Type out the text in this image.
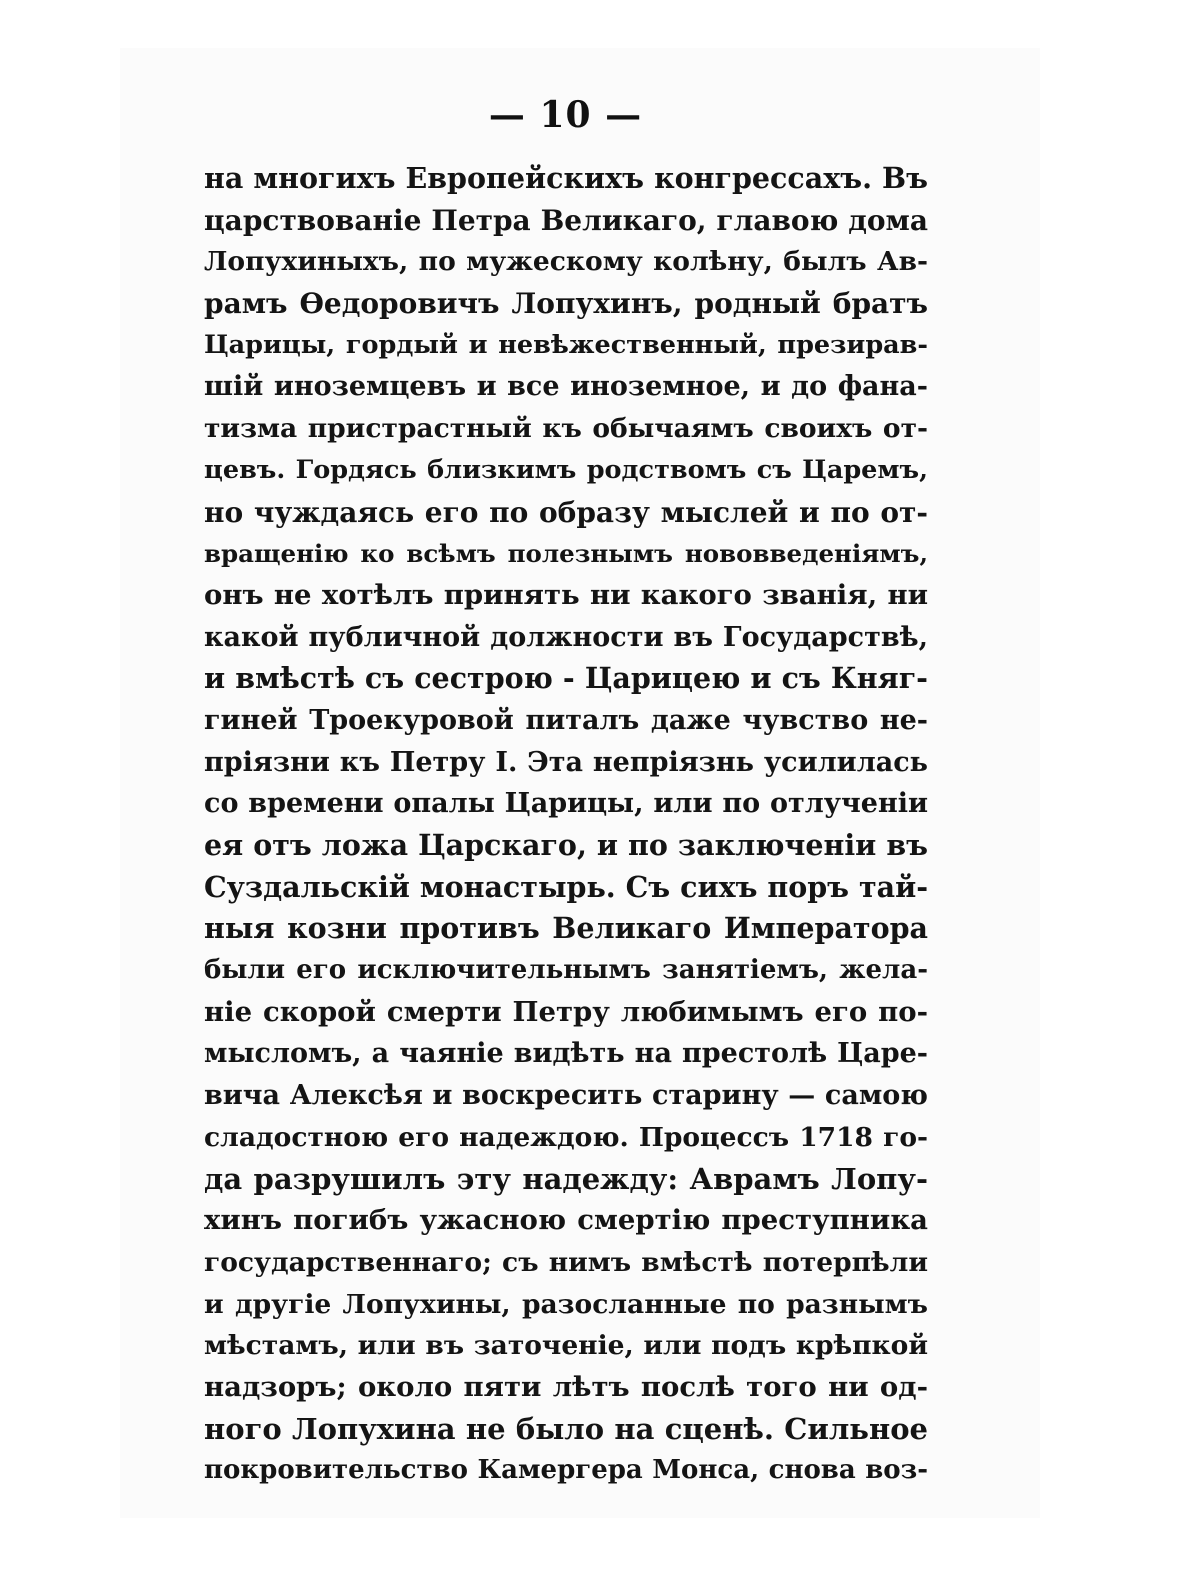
— 10 —
на многихъ Европейскихъ конгрессахъ. Въ
царствованіе Петра Великаго, главою дома
Лопухиныхъ, по мужескому колѣну, былъ Ав-
рамъ Ѳедоровичъ Лопухинъ, родный братъ
Царицы, гордый и невѣжественный, презирав-
шій иноземцевъ и все иноземное, и до фана-
тизма пристрастный къ обычаямъ своихъ от-
цевъ. Гордясь близкимъ родствомъ съ Царемъ,
но чуждаясь его по образу мыслей и по от-
вращенію ко всѣмъ полезнымъ нововведеніямъ,
онъ не хотѣлъ принять ни какого званія, ни
какой публичной должности въ Государствѣ,
и вмѣстѣ съ сестрою - Царицею и съ Княг-
гиней Троекуровой питалъ даже чувство не-
пріязни къ Петру I. Эта непріязнь усилилась
со времени опалы Царицы, или по отлученіи
ея отъ ложа Царскаго, и по заключеніи въ
Суздальскій монастырь. Съ сихъ поръ тай-
ныя козни противъ Великаго Императора
были его исключительнымъ занятіемъ, жела-
ніе скорой смерти Петру любимымъ его по-
мысломъ, а чаяніе видѣть на престолѣ Царе-
вича Алексѣя и воскресить старину — самою
сладостною его надеждою. Процессъ 1718 го-
да разрушилъ эту надежду: Аврамъ Лопу-
хинъ погибъ ужасною смертію преступника
государственнаго; съ нимъ вмѣстѣ потерпѣли
и другіе Лопухины, разосланные по разнымъ
мѣстамъ, или въ заточеніе, или подъ крѣпкой
надзоръ; около пяти лѣтъ послѣ того ни од-
ного Лопухина не было на сценѣ. Сильное
покровительство Камергера Монса, снова воз-
